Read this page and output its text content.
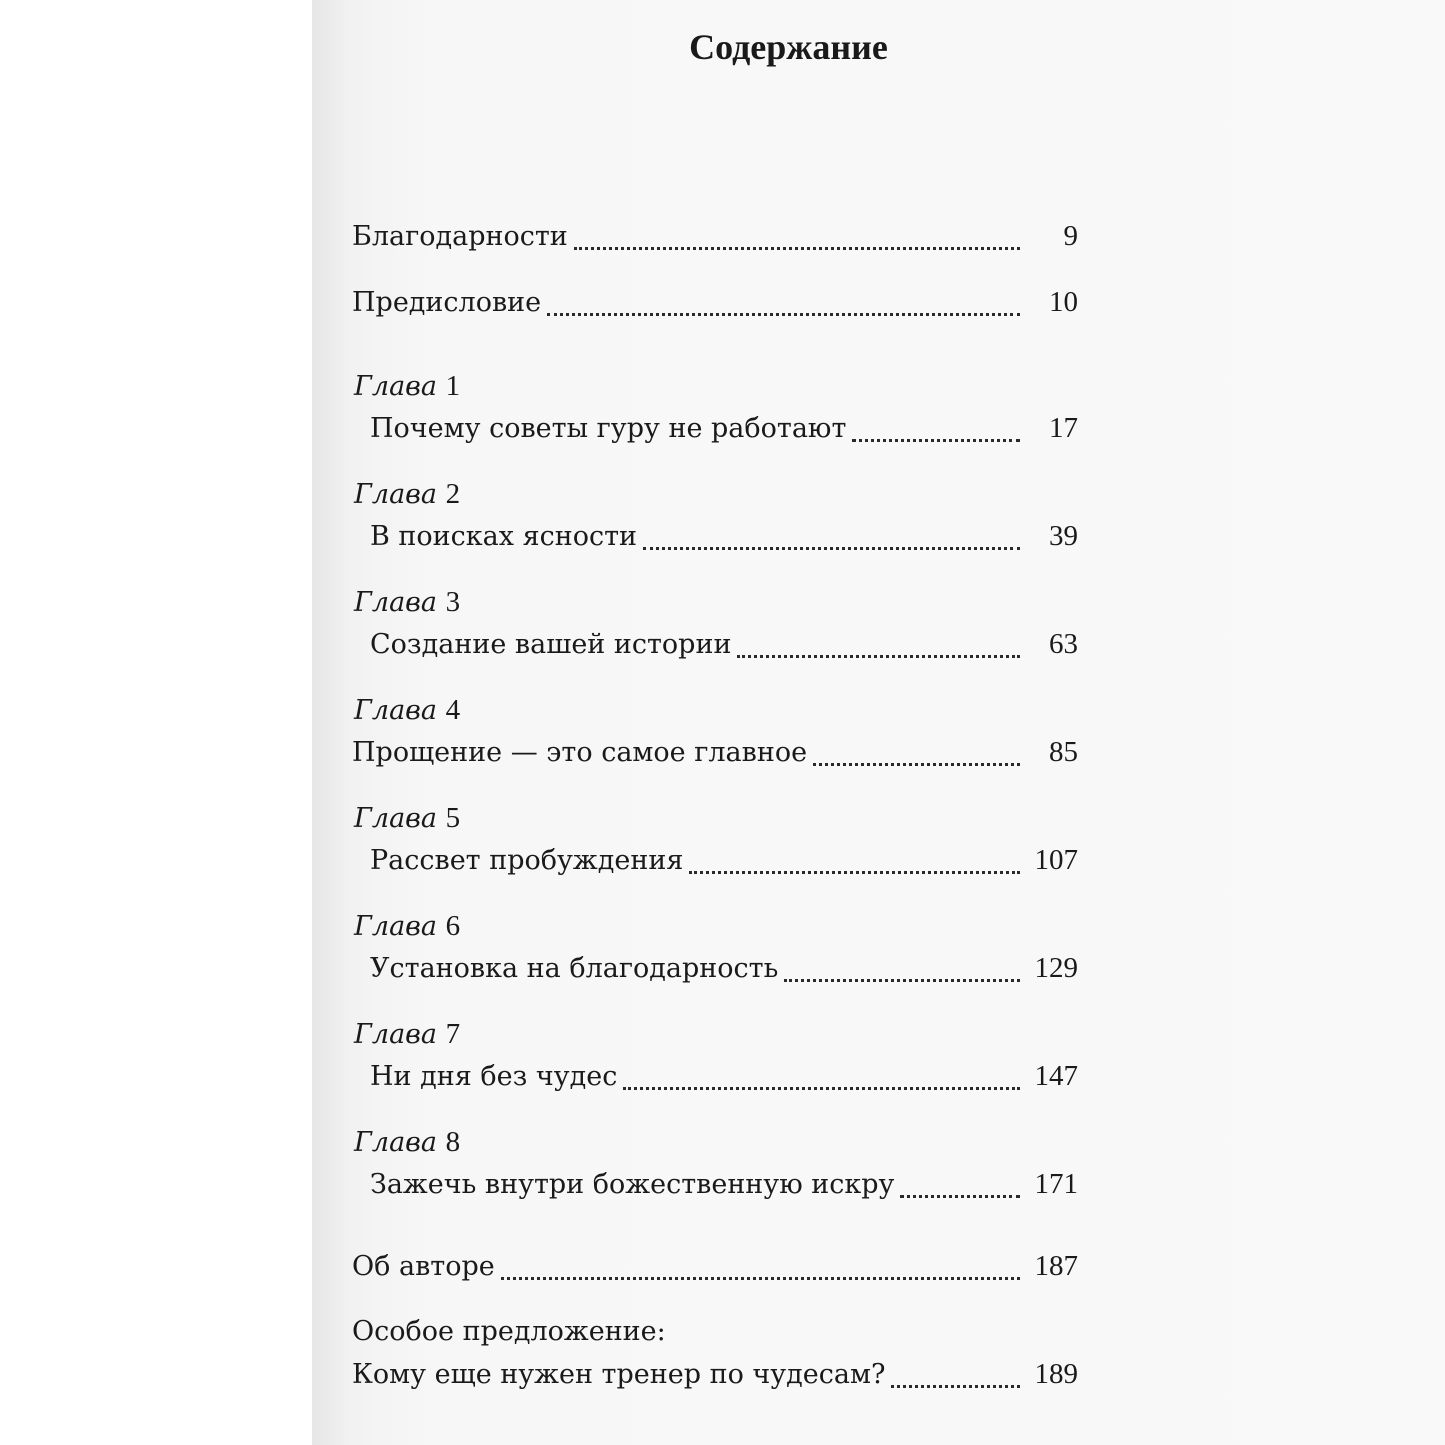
Содержание
Благодарности	9
Предисловие	10
Глава 1
Почему советы гуру не работают	17
Глава 2
В поисках ясности	39
Глава 3
Создание вашей истории	63
Глава 4
Прощение — это самое главное	85
Глава 5
Рассвет пробуждения	107
Глава 6
Установка на благодарность	129
Глава 7
Ни дня без чудес	147
Глава 8
Зажечь внутри божественную искру	171
Об авторе	187
Особое предложение:
Кому еще нужен тренер по чудесам?	189
